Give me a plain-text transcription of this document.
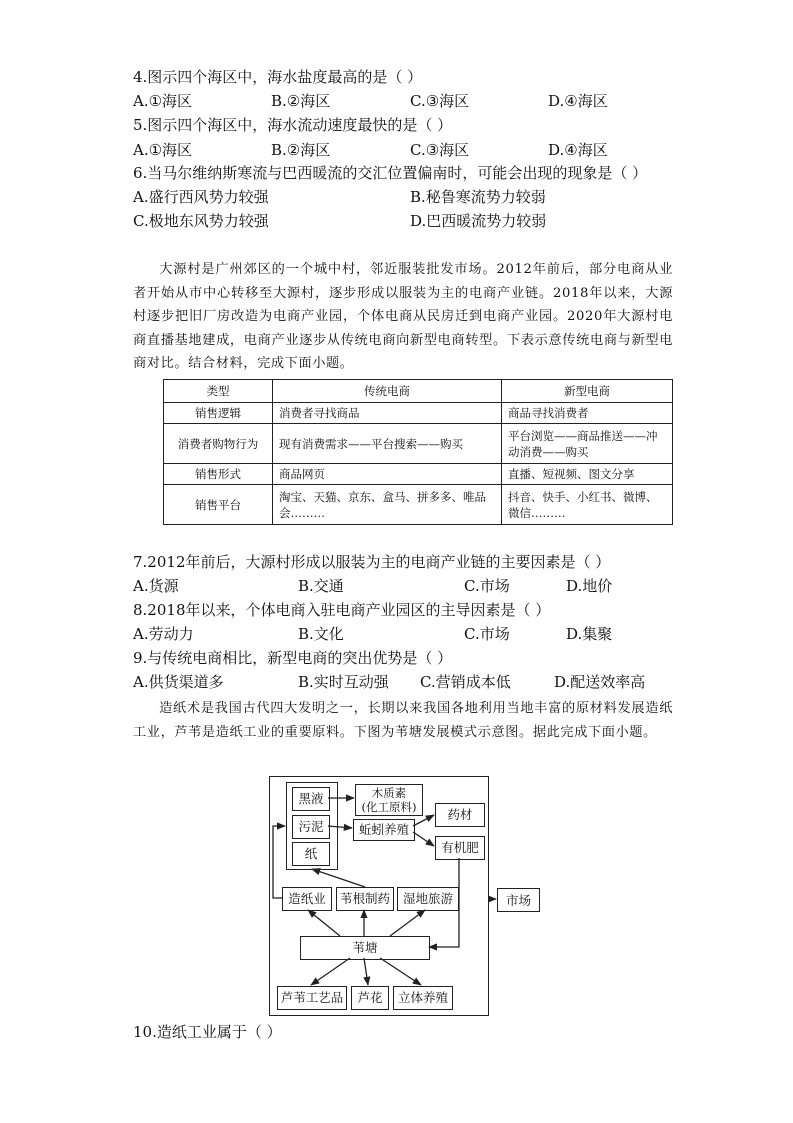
4.图示四个海区中，海水盐度最高的是（ ）
A.①海区	B.②海区	C.③海区	D.④海区
5.图示四个海区中，海水流动速度最快的是（ ）
A.①海区	B.②海区	C.③海区	D.④海区
6.当马尔维纳斯寒流与巴西暖流的交汇位置偏南时，可能会出现的现象是（ ）
A.盛行西风势力较强	B.秘鲁寒流势力较弱
C.极地东风势力较强	D.巴西暖流势力较弱
大源村是广州郊区的一个城中村，邻近服装批发市场。2012年前后，部分电商从业者开始从市中心转移至大源村，逐步形成以服装为主的电商产业链。2018年以来，大源村逐步把旧厂房改造为电商产业园，个体电商从民房迁到电商产业园。2020年大源村电商直播基地建成，电商产业逐步从传统电商向新型电商转型。下表示意传统电商与新型电商对比。结合材料，完成下面小题。
类型	传统电商	新型电商
销售逻辑	消费者寻找商品	商品寻找消费者
消费者购物行为	现有消费需求——平台搜索——购买	平台浏览——商品推送——冲动消费——购买
销售形式	商品网页	直播、短视频、图文分享
销售平台	淘宝、天猫、京东、盒马、拼多多、唯品会………	抖音、快手、小红书、微博、微信………
7.2012年前后，大源村形成以服装为主的电商产业链的主要因素是（ ）
A.货源	B.交通	C.市场	D.地价
8.2018年以来，个体电商入驻电商产业园区的主导因素是（ ）
A.劳动力	B.文化	C.市场	D.集聚
9.与传统电商相比，新型电商的突出优势是（ ）
A.供货渠道多	B.实时互动强 C.营销成本低	D.配送效率高
造纸术是我国古代四大发明之一，长期以来我国各地利用当地丰富的原材料发展造纸工业，芦苇是造纸工业的重要原料。下图为苇塘发展模式示意图。据此完成下面小题。
黑液
污泥
纸
木质素
(化工原料)
蚯蚓养殖
药材
有机肥
造纸业	苇根制药	湿地旅游
苇塘
芦苇工艺品	芦花	立体养殖
市场
10.造纸工业属于（ ）
